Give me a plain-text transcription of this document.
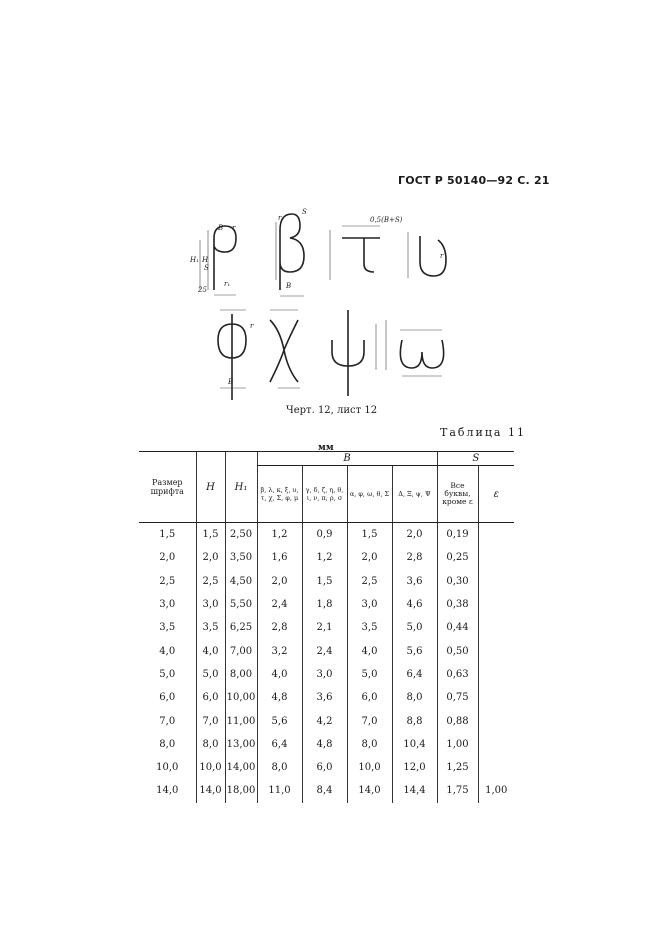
ГОСТ Р 50140—92 С. 21
B r
H
H₁
S
r₁
25
0,5(B+S)
B
S
r₁
r
B
r
Черт. 12, лист 12
Таблица 11
мм
Размер шрифта	H	H₁	B				S	
			β, λ, κ, ξ, υ, τ, χ, Σ, φ, μ	γ, δ, ζ, η, θ, ι, ν, π, ρ, σ	α, φ, ω, θ, Σ	Δ, Ξ, ψ, Ψ	Все буквы, кроме ε	ε
1,5	1,5	2,50	1,2	0,9	1,5	2,0	0,19	
2,0	2,0	3,50	1,6	1,2	2,0	2,8	0,25	
2,5	2,5	4,50	2,0	1,5	2,5	3,6	0,30	
3,0	3,0	5,50	2,4	1,8	3,0	4,6	0,38	
3,5	3,5	6,25	2,8	2,1	3,5	5,0	0,44	
4,0	4,0	7,00	3,2	2,4	4,0	5,6	0,50	
5,0	5,0	8,00	4,0	3,0	5,0	6,4	0,63	
6,0	6,0	10,00	4,8	3,6	6,0	8,0	0,75	
7,0	7,0	11,00	5,6	4,2	7,0	8,8	0,88	
8,0	8,0	13,00	6,4	4,8	8,0	10,4	1,00	
10,0	10,0	14,00	8,0	6,0	10,0	12,0	1,25	
14,0	14,0	18,00	11,0	8,4	14,0	14,4	1,75	1,00
